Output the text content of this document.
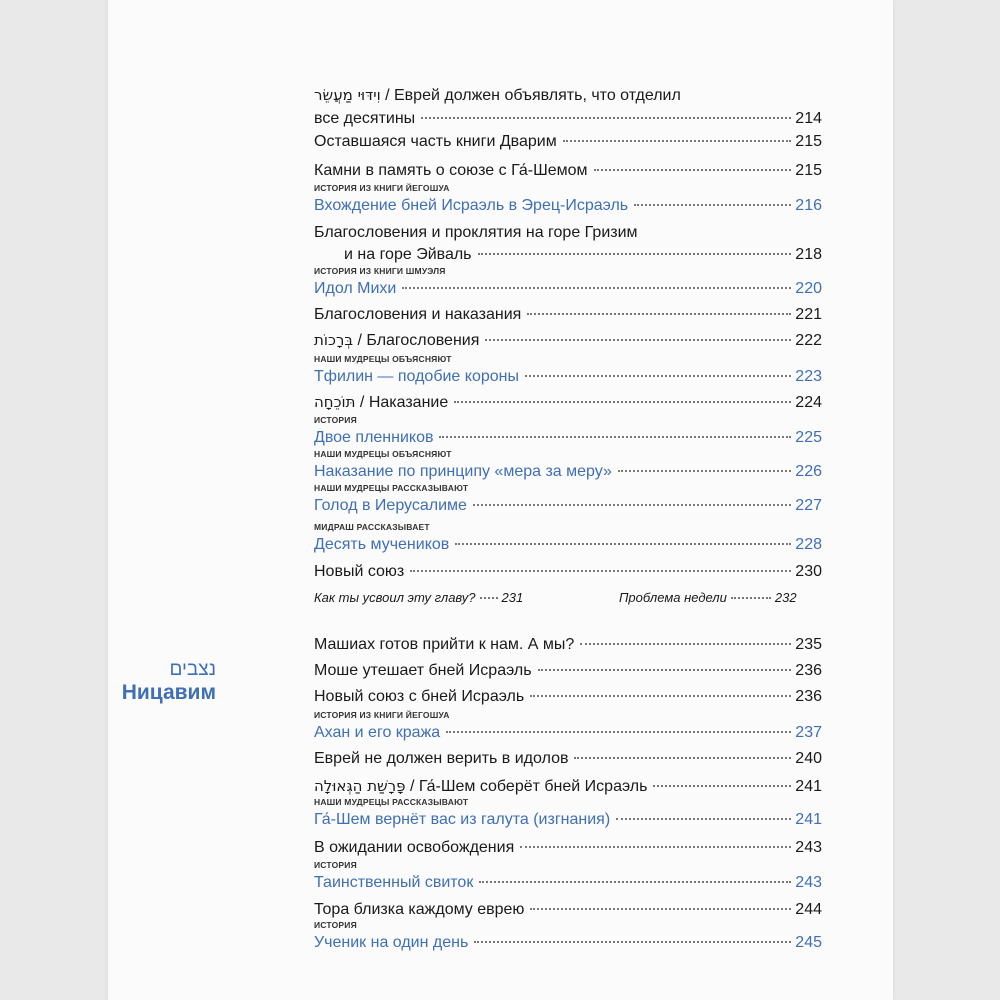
נצבים
Ницавим
וִידּוּי מַעֲשֵׂר / Еврей должен объявлять, что отделил
все десятины	214
Оставшаяся часть книги Дварим	215
Камни в память о союзе с Га́-Шемом	215
ИСТОРИЯ ИЗ КНИГИ ЙЕГОШУА
Вхождение бней Исраэль в Эрец-Исраэль	216
Благословения и проклятия на горе Гризим
и на горе Эйваль	218
ИСТОРИЯ ИЗ КНИГИ ШМУЭЛЯ
Идол Михи	220
Благословения и наказания	221
בְּרָכוֹת / Благословения	222
НАШИ МУДРЕЦЫ ОБЪЯСНЯЮТ
Тфилин — подобие короны	223
תּוֹכֵחָה / Наказание	224
ИСТОРИЯ
Двое пленников	225
НАШИ МУДРЕЦЫ ОБЪЯСНЯЮТ
Наказание по принципу «мера за меру»	226
НАШИ МУДРЕЦЫ РАССКАЗЫВАЮТ
Голод в Иерусалиме	227
МИДРАШ РАССКАЗЫВАЕТ
Десять мучеников	228
Новый союз	230
Как ты усвоил эту главу? 231	Проблема недели	232
Машиах готов прийти к нам. А мы?	235
Моше утешает бней Исраэль	236
Новый союз с бней Исраэль	236
ИСТОРИЯ ИЗ КНИГИ ЙЕГОШУА
Ахан и его кража	237
Еврей не должен верить в идолов	240
פָּרָשַׁת הַגְּאוּלָה / Га́-Шем соберёт бней Исраэль	241
НАШИ МУДРЕЦЫ РАССКАЗЫВАЮТ
Га́-Шем вернёт вас из галута (изгнания)	241
В ожидании освобождения	243
ИСТОРИЯ
Таинственный свиток	243
Тора близка каждому еврею	244
ИСТОРИЯ
Ученик на один день	245
